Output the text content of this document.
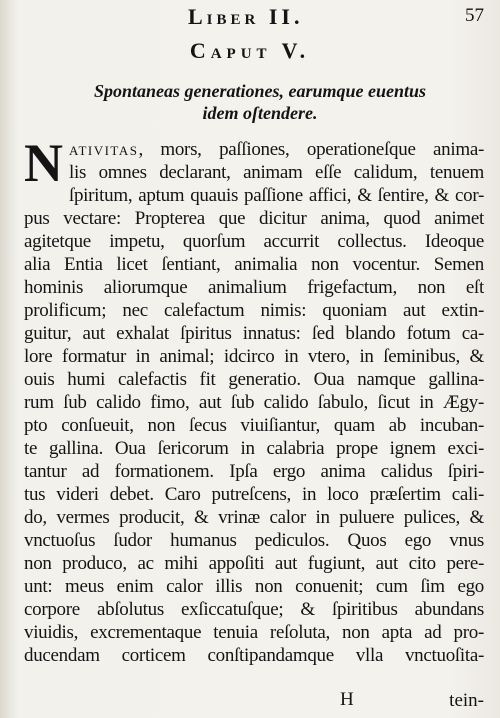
Liber II.	57
Caput V.
Spontaneas generationes, earumque euentus
idem oſtendere.
N ativitas, mors, paſſiones, operationeſque anima-
lis omnes declarant, animam eſſe calidum, tenuem
ſpiritum, aptum quauis paſſione affici, & ſentire, & cor-
pus vectare: Propterea que dicitur anima, quod animet
agitetque impetu, quorſum accurrit collectus. Ideoque
alia Entia licet ſentiant, animalia non vocentur. Semen
hominis aliorumque animalium frigefactum, non eſt
prolificum; nec calefactum nimis: quoniam aut extin-
guitur, aut exhalat ſpiritus innatus: ſed blando fotum ca-
lore formatur in animal; idcirco in vtero, in ſeminibus, &
ouis humi calefactis fit generatio. Oua namque gallina-
rum ſub calido fimo, aut ſub calido ſabulo, ſicut in Ægy-
pto conſueuit, non ſecus viuiſiantur, quam ab incuban-
te gallina. Oua ſericorum in calabria prope ignem exci-
tantur ad formationem. Ipſa ergo anima calidus ſpiri-
tus videri debet. Caro putreſcens, in loco præſertim cali-
do, vermes producit, & vrinæ calor in puluere pulices, &
vnctuoſus ſudor humanus pediculos. Quos ego vnus
non produco, ac mihi appoſiti aut fugiunt, aut cito pere-
unt: meus enim calor illis non conuenit; cum ſim ego
corpore abſolutus exſiccatuſque; & ſpiritibus abundans
viuidis, excrementaque tenuia reſoluta, non apta ad pro-
ducendam corticem conſtipandamque vlla vnctuoſita-
H	tein-
